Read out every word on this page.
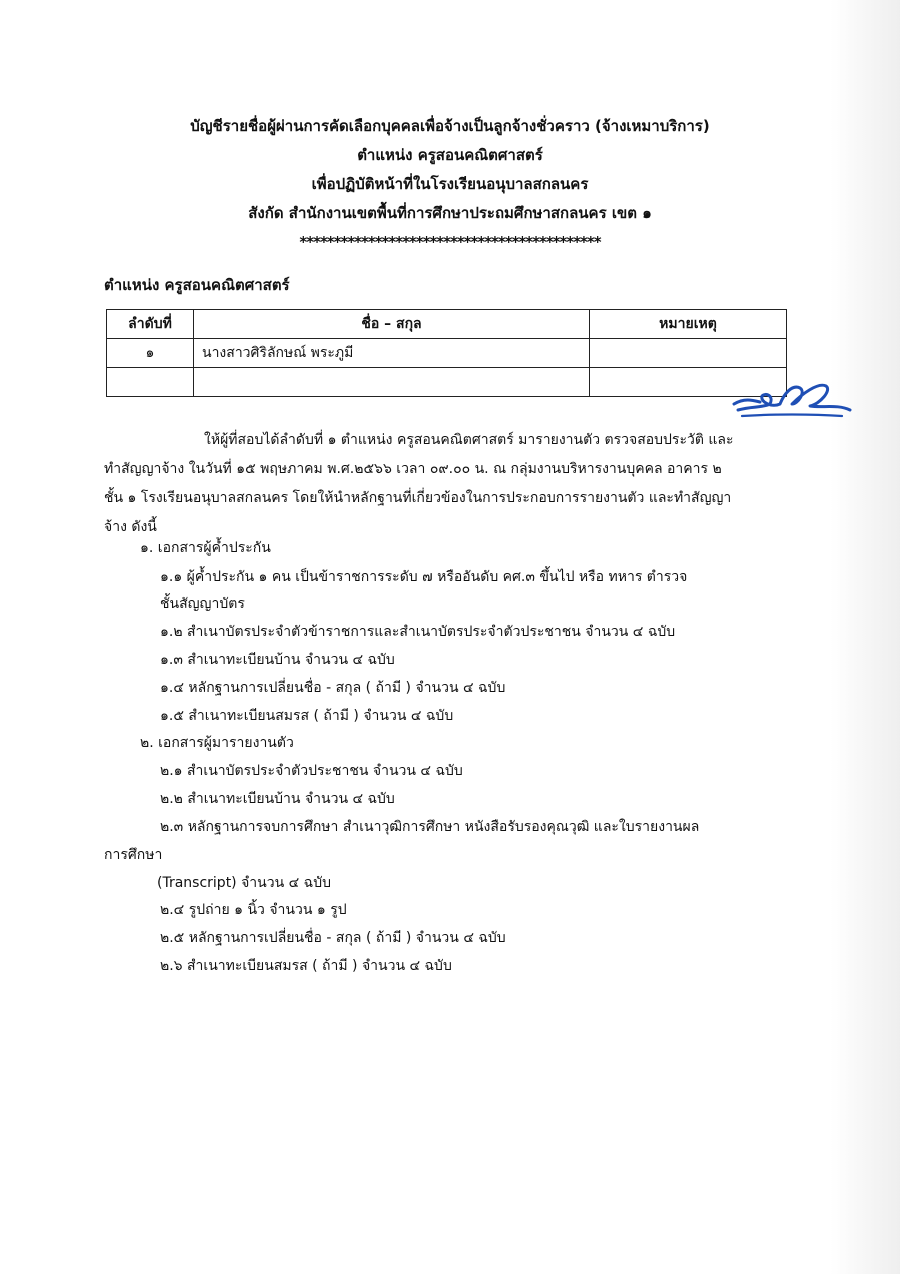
บัญชีรายชื่อผู้ผ่านการคัดเลือกบุคคลเพื่อจ้างเป็นลูกจ้างชั่วคราว (จ้างเหมาบริการ)
ตำแหน่ง ครูสอนคณิตศาสตร์
เพื่อปฏิบัติหน้าที่ในโรงเรียนอนุบาลสกลนคร
สังกัด สำนักงานเขตพื้นที่การศึกษาประถมศึกษาสกลนคร เขต ๑
********************************************
ตำแหน่ง ครูสอนคณิตศาสตร์
ลำดับที่	ชื่อ – สกุล	หมายเหตุ
๑	นางสาวศิริลักษณ์ พระภูมี	

ให้ผู้ที่สอบได้ลำดับที่ ๑ ตำแหน่ง ครูสอนคณิตศาสตร์ มารายงานตัว ตรวจสอบประวัติ และ
ทำสัญญาจ้าง ในวันที่ ๑๕ พฤษภาคม พ.ศ.๒๕๖๖ เวลา ๐๙.๐๐ น. ณ กลุ่มงานบริหารงานบุคคล อาคาร ๒
ชั้น ๑ โรงเรียนอนุบาลสกลนคร โดยให้นำหลักฐานที่เกี่ยวข้องในการประกอบการรายงานตัว และทำสัญญา
จ้าง ดังนี้
๑. เอกสารผู้ค้ำประกัน
๑.๑ ผู้ค้ำประกัน ๑ คน เป็นข้าราชการระดับ ๗ หรืออันดับ คศ.๓ ขึ้นไป หรือ ทหาร ตำรวจ
ชั้นสัญญาบัตร
๑.๒ สำเนาบัตรประจำตัวข้าราชการและสำเนาบัตรประจำตัวประชาชน จำนวน ๔ ฉบับ
๑.๓ สำเนาทะเบียนบ้าน จำนวน ๔ ฉบับ
๑.๔ หลักฐานการเปลี่ยนชื่อ - สกุล ( ถ้ามี ) จำนวน ๔ ฉบับ
๑.๕ สำเนาทะเบียนสมรส ( ถ้ามี ) จำนวน ๔ ฉบับ
๒. เอกสารผู้มารายงานตัว
๒.๑ สำเนาบัตรประจำตัวประชาชน จำนวน ๔ ฉบับ
๒.๒ สำเนาทะเบียนบ้าน จำนวน ๔ ฉบับ
๒.๓ หลักฐานการจบการศึกษา สำเนาวุฒิการศึกษา หนังสือรับรองคุณวุฒิ และใบรายงานผล
การศึกษา
(Transcript) จำนวน ๔ ฉบับ
๒.๔ รูปถ่าย ๑ นิ้ว จำนวน ๑ รูป
๒.๕ หลักฐานการเปลี่ยนชื่อ - สกุล ( ถ้ามี ) จำนวน ๔ ฉบับ
๒.๖ สำเนาทะเบียนสมรส ( ถ้ามี ) จำนวน ๔ ฉบับ
